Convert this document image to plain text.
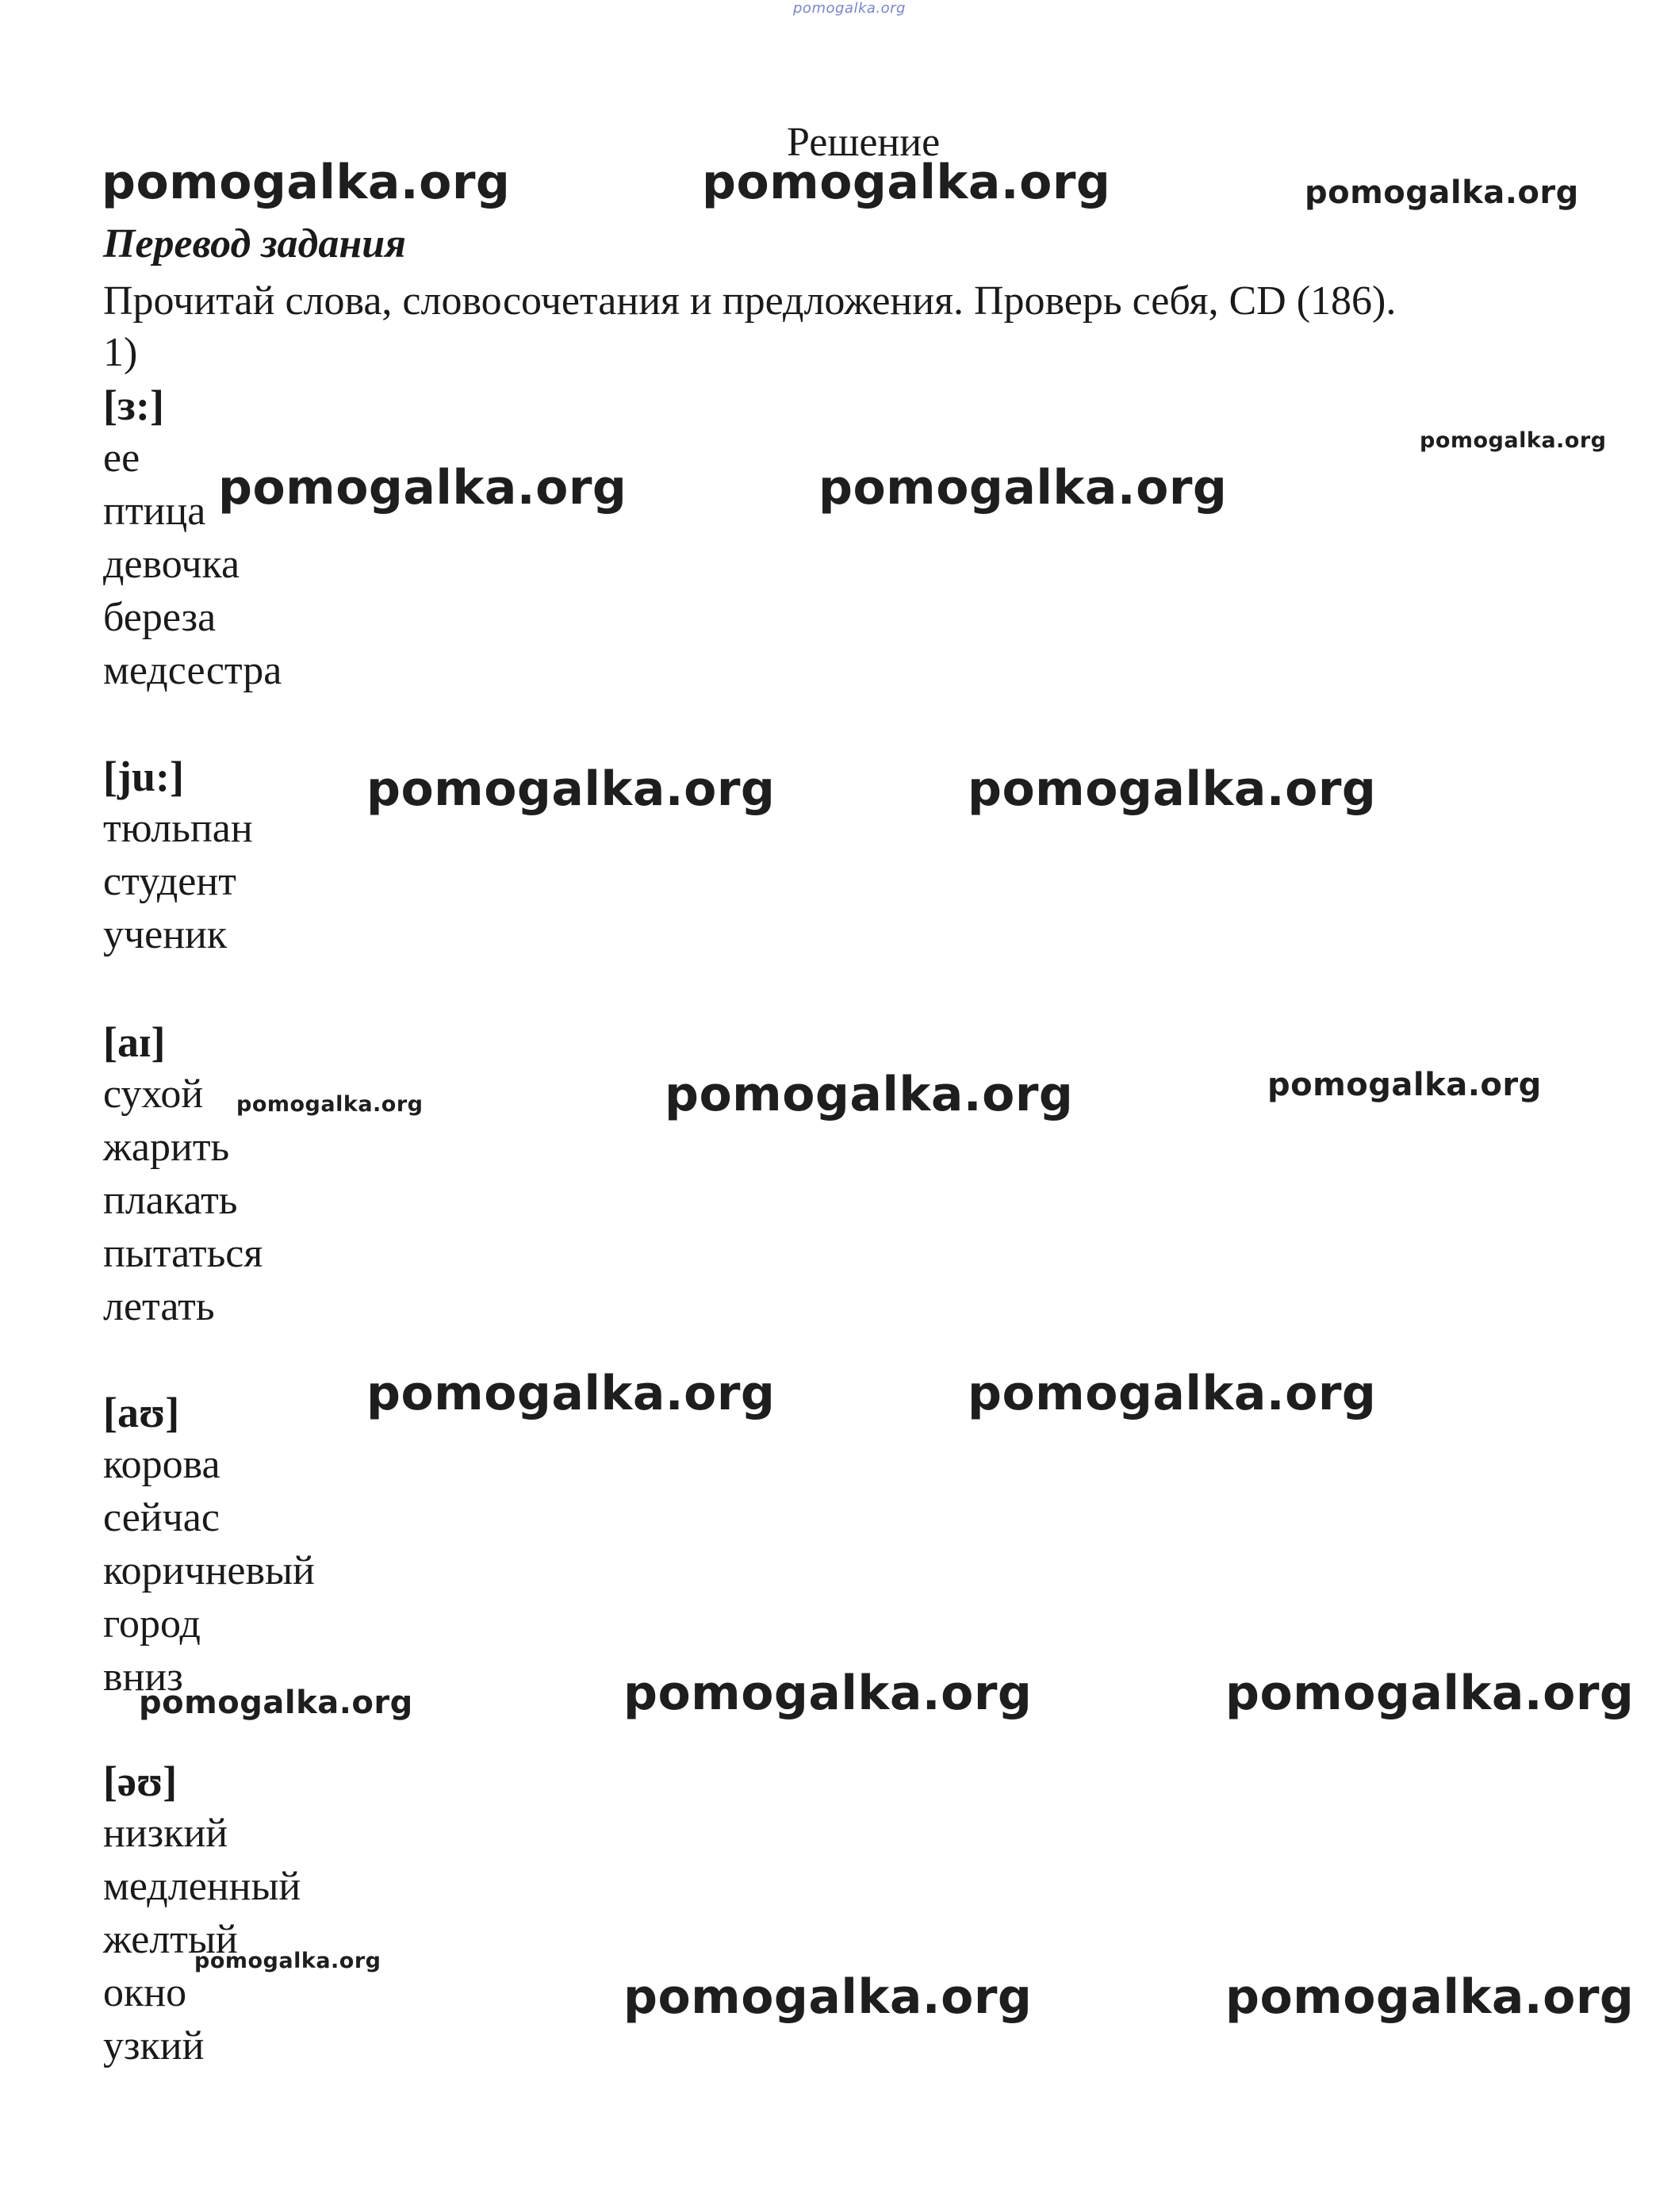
pomogalka.org
Решение
Перевод задания
Прочитай слова, словосочетания и предложения. Проверь себя, CD (186).
1)
[ɜ:]
ее
птица
девочка
береза
медсестра
[ju:]
тюльпан
студент
ученик
[aɪ]
сухой
жарить
плакать
пытаться
летать
[aʊ]
корова
сейчас
коричневый
город
вниз
[əʊ]
низкий
медленный
желтый
окно
узкий
pomogalka.org	pomogalka.org	pomogalka.org
pomogalka.org
pomogalka.org	pomogalka.org
pomogalka.org	pomogalka.org
pomogalka.org	pomogalka.org	pomogalka.org
pomogalka.org	pomogalka.org
pomogalka.org	pomogalka.org	pomogalka.org
pomogalka.org
pomogalka.org	pomogalka.org
